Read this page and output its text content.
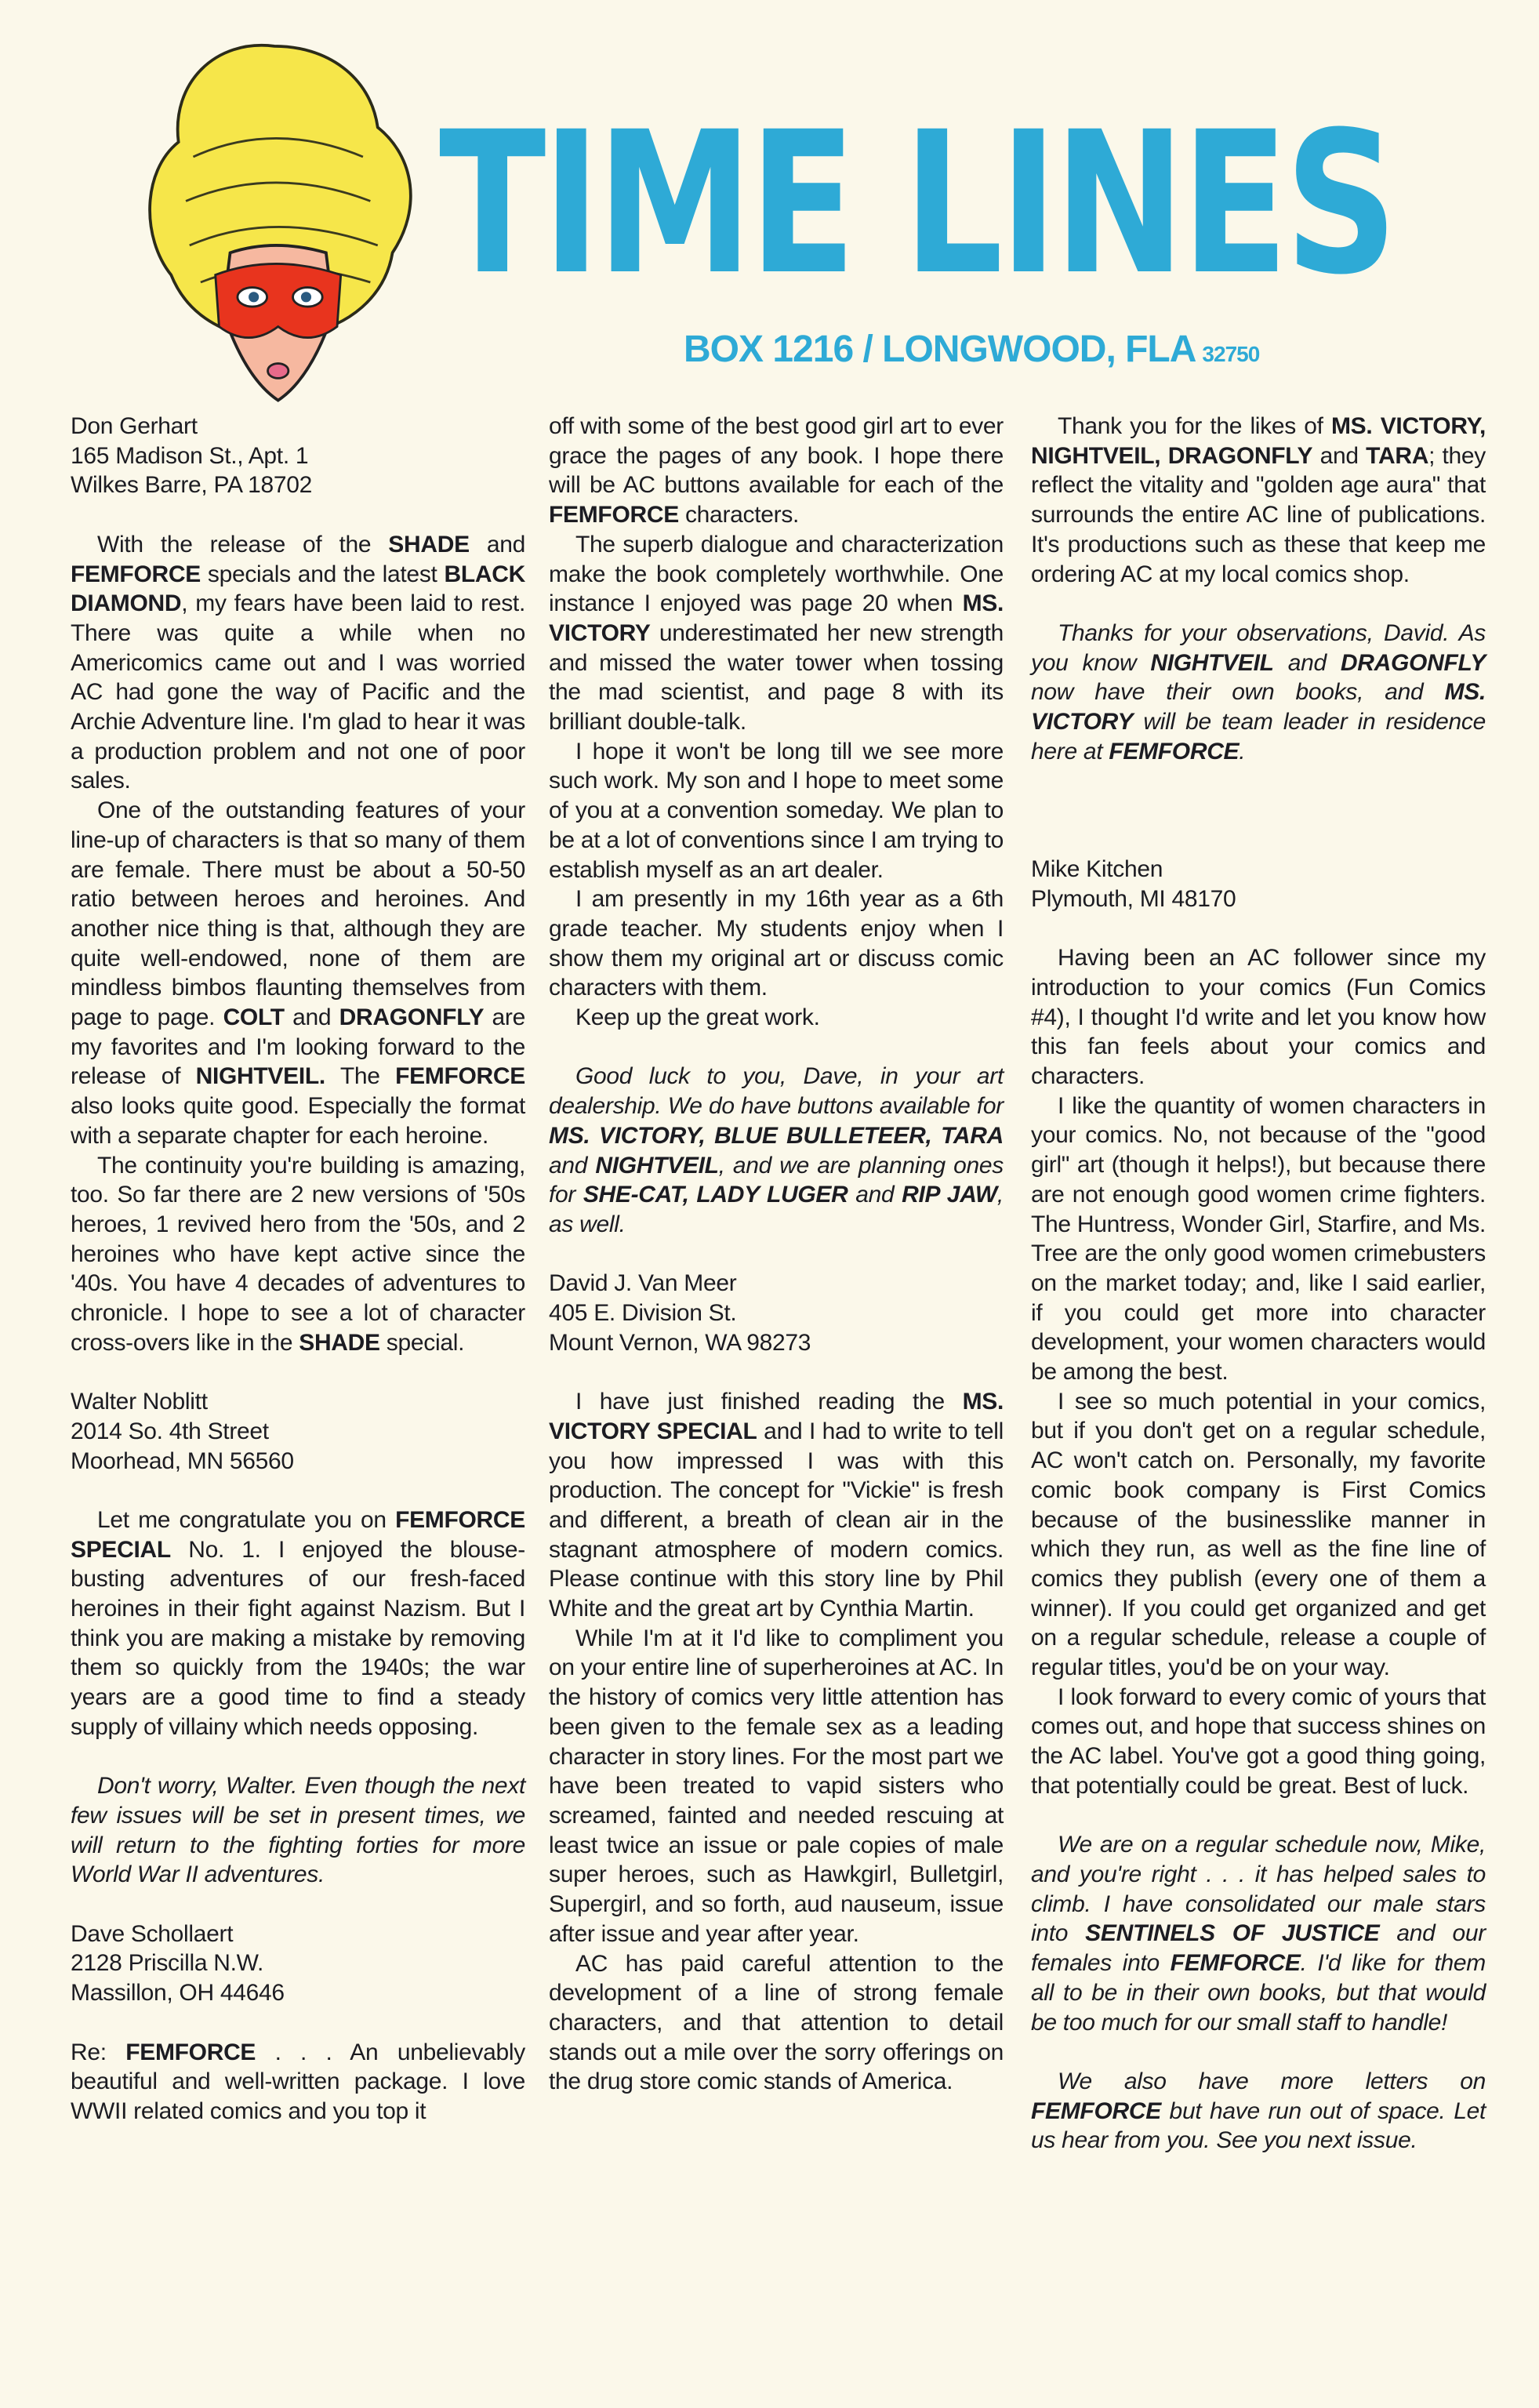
TIME LINES
BOX 1216 / LONGWOOD, FLA 32750
Don Gerhart
165 Madison St., Apt. 1
Wilkes Barre, PA 18702

With the release of the SHADE and FEMFORCE specials and the latest BLACK DIAMOND, my fears have been laid to rest. There was quite a while when no Americomics came out and I was worried AC had gone the way of Pacific and the Archie Adventure line. I'm glad to hear it was a production problem and not one of poor sales.

One of the outstanding features of your line-up of characters is that so many of them are female. There must be about a 50-50 ratio between heroes and heroines. And another nice thing is that, although they are quite well-endowed, none of them are mindless bimbos flaunting themselves from page to page. COLT and DRAGONFLY are my favorites and I'm looking forward to the release of NIGHTVEIL. The FEMFORCE also looks quite good. Especially the format with a separate chapter for each heroine.

The continuity you're building is amazing, too. So far there are 2 new versions of '50s heroes, 1 revived hero from the '50s, and 2 heroines who have kept active since the '40s. You have 4 decades of adventures to chronicle. I hope to see a lot of character cross-overs like in the SHADE special.

Walter Noblitt
2014 So. 4th Street
Moorhead, MN 56560

Let me congratulate you on FEMFORCE SPECIAL No. 1. I enjoyed the blouse-busting adventures of our fresh-faced heroines in their fight against Nazism. But I think you are making a mistake by removing them so quickly from the 1940s; the war years are a good time to find a steady supply of villainy which needs opposing.

Don't worry, Walter. Even though the next few issues will be set in present times, we will return to the fighting forties for more World War II adventures.

Dave Schollaert
2128 Priscilla N.W.
Massillon, OH 44646

Re: FEMFORCE . . . An unbelievably beautiful and well-written package. I love WWII related comics and you top it

off with some of the best good girl art to ever grace the pages of any book. I hope there will be AC buttons available for each of the FEMFORCE characters.

The superb dialogue and characterization make the book completely worthwhile. One instance I enjoyed was page 20 when MS. VICTORY underestimated her new strength and missed the water tower when tossing the mad scientist, and page 8 with its brilliant double-talk.

I hope it won't be long till we see more such work. My son and I hope to meet some of you at a convention someday. We plan to be at a lot of conventions since I am trying to establish myself as an art dealer.

I am presently in my 16th year as a 6th grade teacher. My students enjoy when I show them my original art or discuss comic characters with them.

Keep up the great work.

Good luck to you, Dave, in your art dealership. We do have buttons available for MS. VICTORY, BLUE BULLETEER, TARA and NIGHTVEIL, and we are planning ones for SHE-CAT, LADY LUGER and RIP JAW, as well.

David J. Van Meer
405 E. Division St.
Mount Vernon, WA 98273

I have just finished reading the MS. VICTORY SPECIAL and I had to write to tell you how impressed I was with this production. The concept for "Vickie" is fresh and different, a breath of clean air in the stagnant atmosphere of modern comics. Please continue with this story line by Phil White and the great art by Cynthia Martin.

While I'm at it I'd like to compliment you on your entire line of superheroines at AC. In the history of comics very little attention has been given to the female sex as a leading character in story lines. For the most part we have been treated to vapid sisters who screamed, fainted and needed rescuing at least twice an issue or pale copies of male super heroes, such as Hawkgirl, Bulletgirl, Supergirl, and so forth, aud nauseum, issue after issue and year after year.

AC has paid careful attention to the development of a line of strong female characters, and that attention to detail stands out a mile over the sorry offerings on the drug store comic stands of America.

Thank you for the likes of MS. VICTORY, NIGHTVEIL, DRAGONFLY and TARA; they reflect the vitality and "golden age aura" that surrounds the entire AC line of publications. It's productions such as these that keep me ordering AC at my local comics shop.

Thanks for your observations, David. As you know NIGHTVEIL and DRAGONFLY now have their own books, and MS. VICTORY will be team leader in residence here at FEMFORCE.

Mike Kitchen
Plymouth, MI 48170

Having been an AC follower since my introduction to your comics (Fun Comics #4), I thought I'd write and let you know how this fan feels about your comics and characters.

I like the quantity of women characters in your comics. No, not because of the "good girl" art (though it helps!), but because there are not enough good women crime fighters. The Huntress, Wonder Girl, Starfire, and Ms. Tree are the only good women crimebusters on the market today; and, like I said earlier, if you could get more into character development, your women characters would be among the best.

I see so much potential in your comics, but if you don't get on a regular schedule, AC won't catch on. Personally, my favorite comic book company is First Comics because of the businesslike manner in which they run, as well as the fine line of comics they publish (every one of them a winner). If you could get organized and get on a regular schedule, release a couple of regular titles, you'd be on your way.

I look forward to every comic of yours that comes out, and hope that success shines on the AC label. You've got a good thing going, that potentially could be great. Best of luck.

We are on a regular schedule now, Mike, and you're right . . . it has helped sales to climb. I have consolidated our male stars into SENTINELS OF JUSTICE and our females into FEMFORCE. I'd like for them all to be in their own books, but that would be too much for our small staff to handle!

We also have more letters on FEMFORCE but have run out of space. Let us hear from you. See you next issue.
